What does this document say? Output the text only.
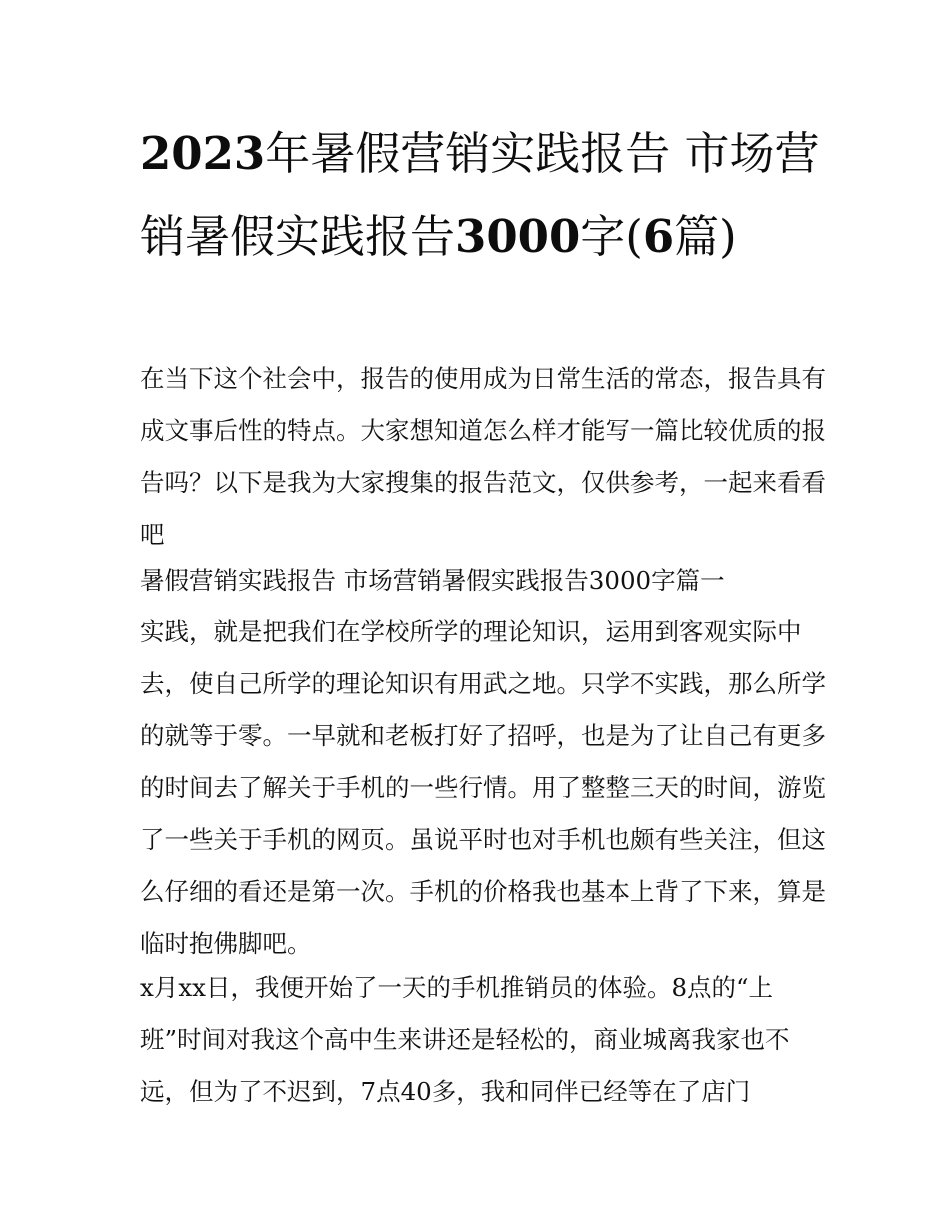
2023年暑假营销实践报告 市场营销暑假实践报告3000字(6篇)

在当下这个社会中，报告的使用成为日常生活的常态，报告具有成文事后性的特点。大家想知道怎么样才能写一篇比较优质的报告吗？以下是我为大家搜集的报告范文，仅供参考，一起来看看吧

暑假营销实践报告 市场营销暑假实践报告3000字篇一

实践，就是把我们在学校所学的理论知识，运用到客观实际中去，使自己所学的理论知识有用武之地。只学不实践，那么所学的就等于零。一早就和老板打好了招呼，也是为了让自己有更多的时间去了解关于手机的一些行情。用了整整三天的时间，游览了一些关于手机的网页。虽说平时也对手机也颇有些关注，但这么仔细的看还是第一次。手机的价格我也基本上背了下来，算是临时抱佛脚吧。

x月xx日，我便开始了一天的手机推销员的体验。8点的“上班”时间对我这个高中生来讲还是轻松的，商业城离我家也不远，但为了不迟到，7点40多，我和同伴已经等在了店门
